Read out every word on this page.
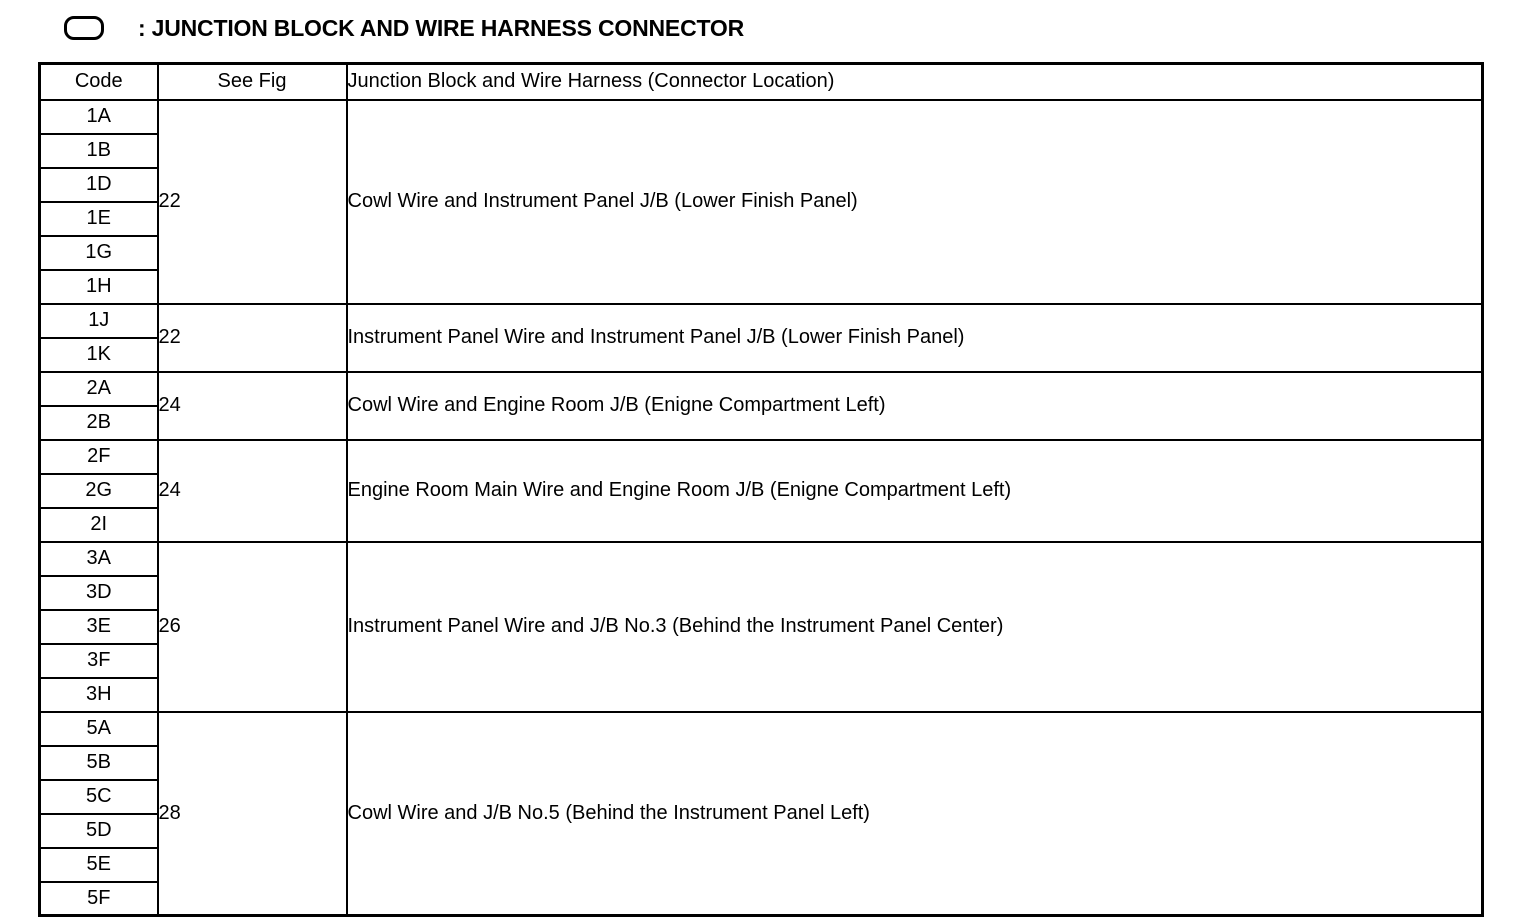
: JUNCTION BLOCK AND WIRE HARNESS CONNECTOR
Code	See Fig	Junction Block and Wire Harness (Connector Location)
1A	22	Cowl Wire and Instrument Panel J/B (Lower Finish Panel)
1B		
1D		
1E		
1G		
1H		
1J	22	Instrument Panel Wire and Instrument Panel J/B (Lower Finish Panel)
1K		
2A	24	Cowl Wire and Engine Room J/B (Enigne Compartment Left)
2B		
2F	24	Engine Room Main Wire and Engine Room J/B (Enigne Compartment Left)
2G		
2I		
3A	26	Instrument Panel Wire and J/B No.3 (Behind the Instrument Panel Center)
3D		
3E		
3F		
3H		
5A	28	Cowl Wire and J/B No.5 (Behind the Instrument Panel Left)
5B		
5C		
5D		
5E		
5F		
